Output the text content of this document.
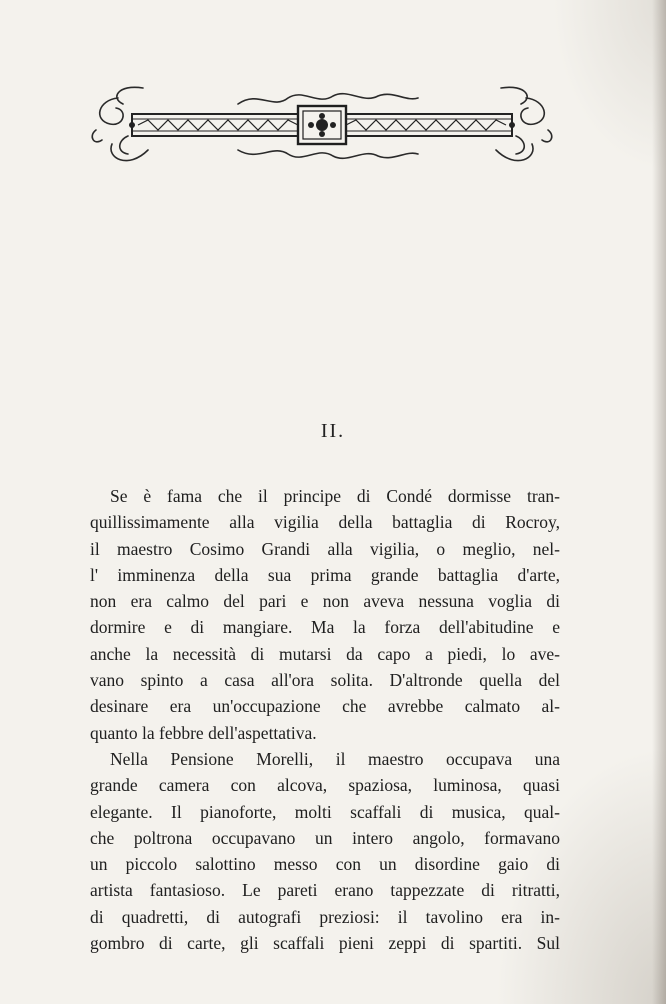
II.
Se è fama che il principe di Condé dormisse tran-
quillissimamente alla vigilia della battaglia di Rocroy,
il maestro Cosimo Grandi alla vigilia, o meglio, nel-
l' imminenza della sua prima grande battaglia d'arte,
non era calmo del pari e non aveva nessuna voglia di
dormire e di mangiare. Ma la forza dell'abitudine e
anche la necessità di mutarsi da capo a piedi, lo ave-
vano spinto a casa all'ora solita. D'altronde quella del
desinare era un'occupazione che avrebbe calmato al-
quanto la febbre dell'aspettativa.
Nella Pensione Morelli, il maestro occupava una
grande camera con alcova, spaziosa, luminosa, quasi
elegante. Il pianoforte, molti scaffali di musica, qual-
che poltrona occupavano un intero angolo, formavano
un piccolo salottino messo con un disordine gaio di
artista fantasioso. Le pareti erano tappezzate di ritratti,
di quadretti, di autografi preziosi: il tavolino era in-
gombro di carte, gli scaffali pieni zeppi di spartiti. Sul
